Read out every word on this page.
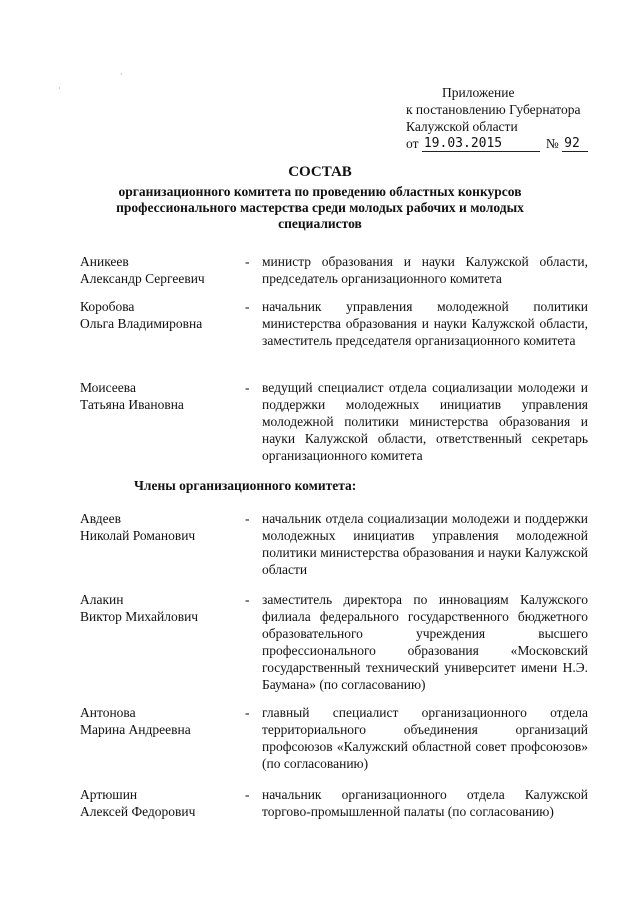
·
·
Приложение
к постановлению Губернатора
Калужской области
от
19.03.2015	№
92
СОСТАВ
организационного комитета по проведению областных конкурсов профессионального мастерства среди молодых рабочих и молодых специалистов
Аникеев
Александр Сергеевич
- министр образования и науки Калужской области, председатель организационного комитета
Коробова
Ольга Владимировна
- начальник управления молодежной политики министерства образования и науки Калужской области, заместитель председателя организационного комитета
Моисеева
Татьяна Ивановна
- ведущий специалист отдела социализации молодежи и поддержки молодежных инициатив управления молодежной политики министерства образования и науки Калужской области, ответственный секретарь организационного комитета
Члены организационного комитета:
Авдеев
Николай Романович
- начальник отдела социализации молодежи и поддержки молодежных инициатив управления молодежной политики министерства образования и науки Калужской области
Алакин
Виктор Михайлович
- заместитель директора по инновациям Калужского филиала федерального государственного бюджетного образовательного учреждения высшего профессионального образования «Московский государственный технический университет имени Н.Э. Баумана» (по согласованию)
Антонова
Марина Андреевна
- главный специалист организационного отдела территориального объединения организаций профсоюзов «Калужский областной совет профсоюзов» (по согласованию)
Артюшин
Алексей Федорович
- начальник организационного отдела Калужской торгово-промышленной палаты (по согласованию)
